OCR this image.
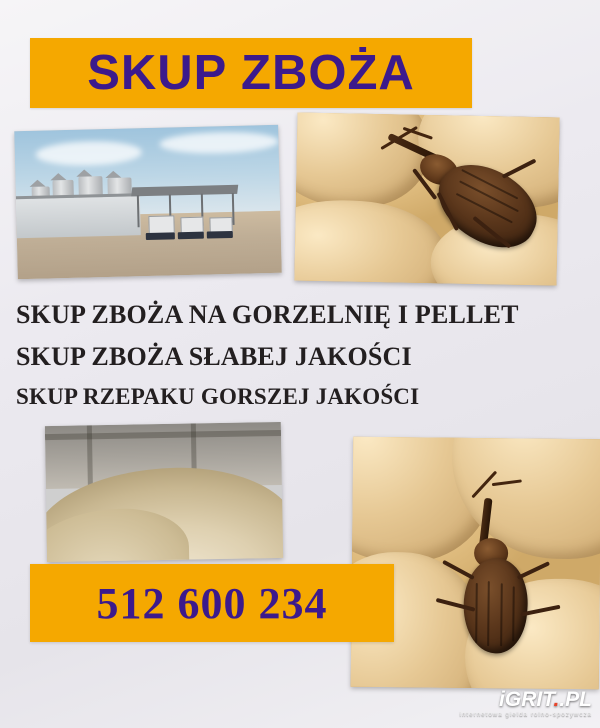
SKUP ZBOŻA
SKUP ZBOŻA NA GORZELNIĘ I PELLET
SKUP ZBOŻA SŁABEJ JAKOŚCI
SKUP RZEPAKU GORSZEJ JAKOŚCI
512 600 234
iGRIT..PL
internetowa gielda rolno-spozywcza
